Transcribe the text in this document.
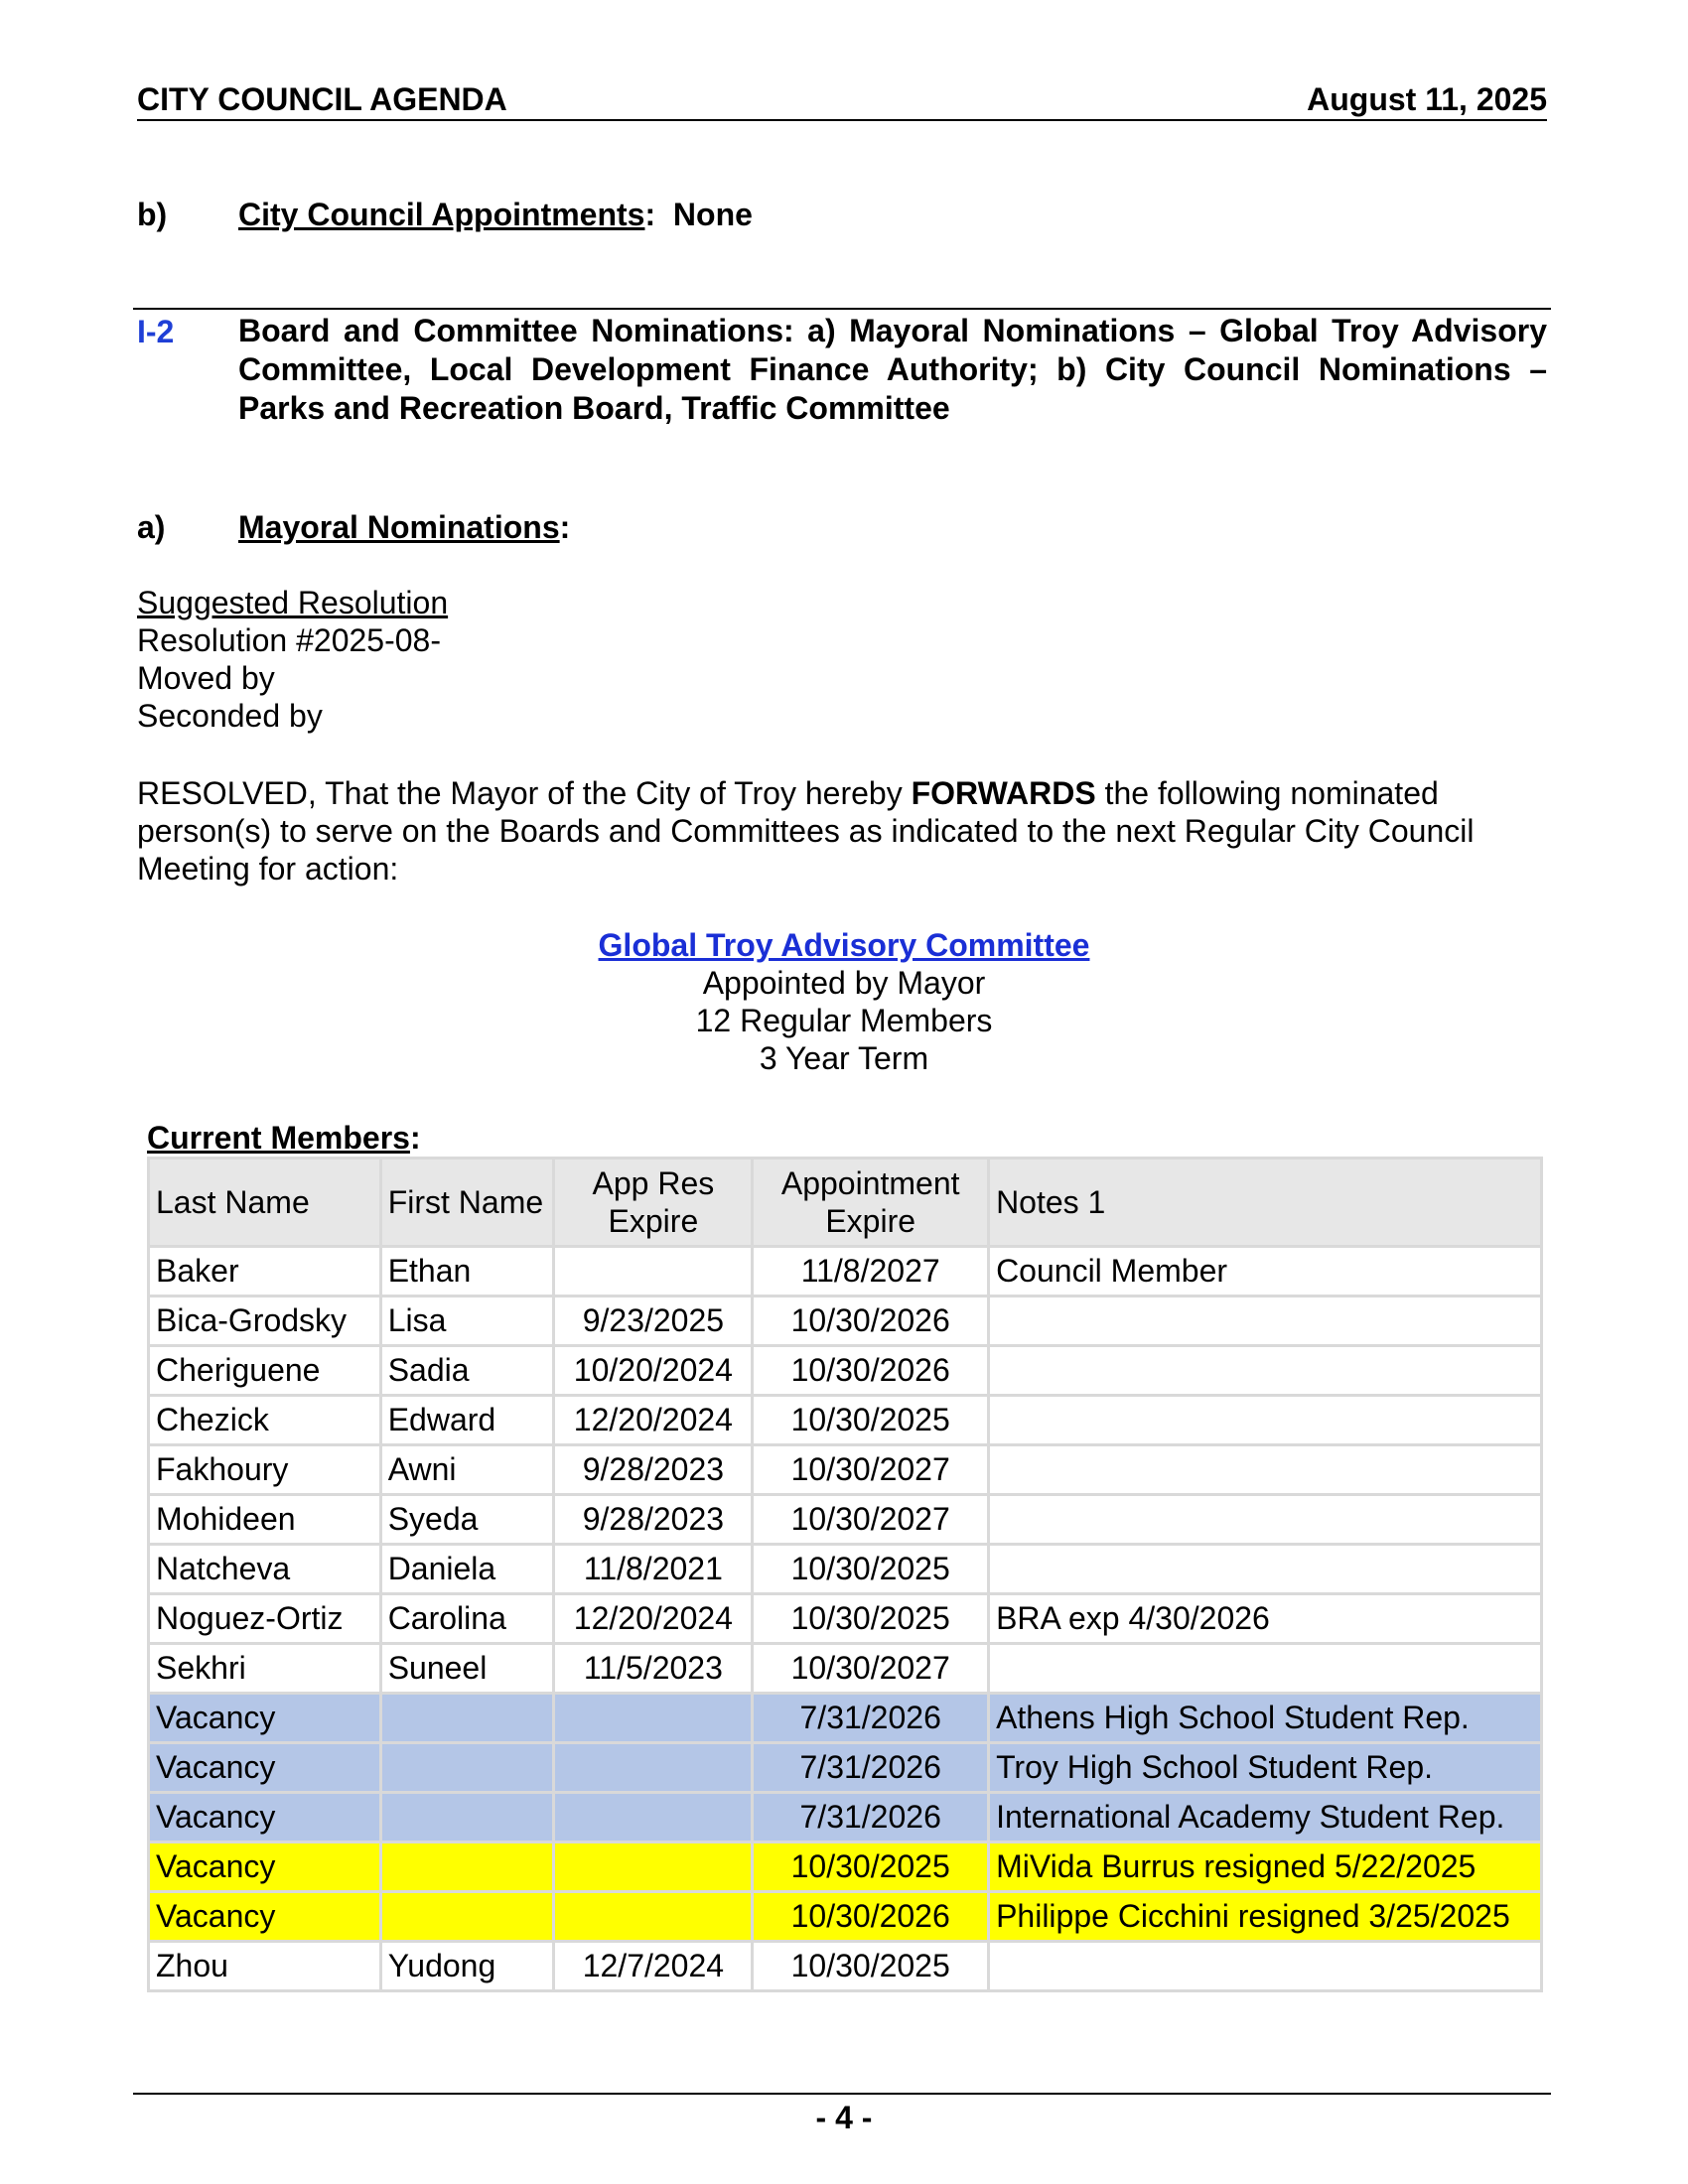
CITY COUNCIL AGENDA	August 11, 2025
b) City Council Appointments: None
I-2 Board and Committee Nominations: a) Mayoral Nominations – Global Troy Advisory Committee, Local Development Finance Authority; b) City Council Nominations – Parks and Recreation Board, Traffic Committee
a) Mayoral Nominations:
Suggested Resolution
Resolution #2025-08-
Moved by
Seconded by
RESOLVED, That the Mayor of the City of Troy hereby FORWARDS the following nominated person(s) to serve on the Boards and Committees as indicated to the next Regular City Council Meeting for action:
Global Troy Advisory Committee
Appointed by Mayor
12 Regular Members
3 Year Term
Current Members:
Last Name	First Name	App Res Expire	Appointment Expire	Notes 1
Baker	Ethan		11/8/2027	Council Member
Bica-Grodsky	Lisa	9/23/2025	10/30/2026	
Cheriguene	Sadia	10/20/2024	10/30/2026	
Chezick	Edward	12/20/2024	10/30/2025	
Fakhoury	Awni	9/28/2023	10/30/2027	
Mohideen	Syeda	9/28/2023	10/30/2027	
Natcheva	Daniela	11/8/2021	10/30/2025	
Noguez-Ortiz	Carolina	12/20/2024	10/30/2025	BRA exp 4/30/2026
Sekhri	Suneel	11/5/2023	10/30/2027	
Vacancy			7/31/2026	Athens High School Student Rep.
Vacancy			7/31/2026	Troy High School Student Rep.
Vacancy			7/31/2026	International Academy Student Rep.
Vacancy			10/30/2025	MiVida Burrus resigned 5/22/2025
Vacancy			10/30/2026	Philippe Cicchini resigned 3/25/2025
Zhou	Yudong	12/7/2024	10/30/2025	
- 4 -
